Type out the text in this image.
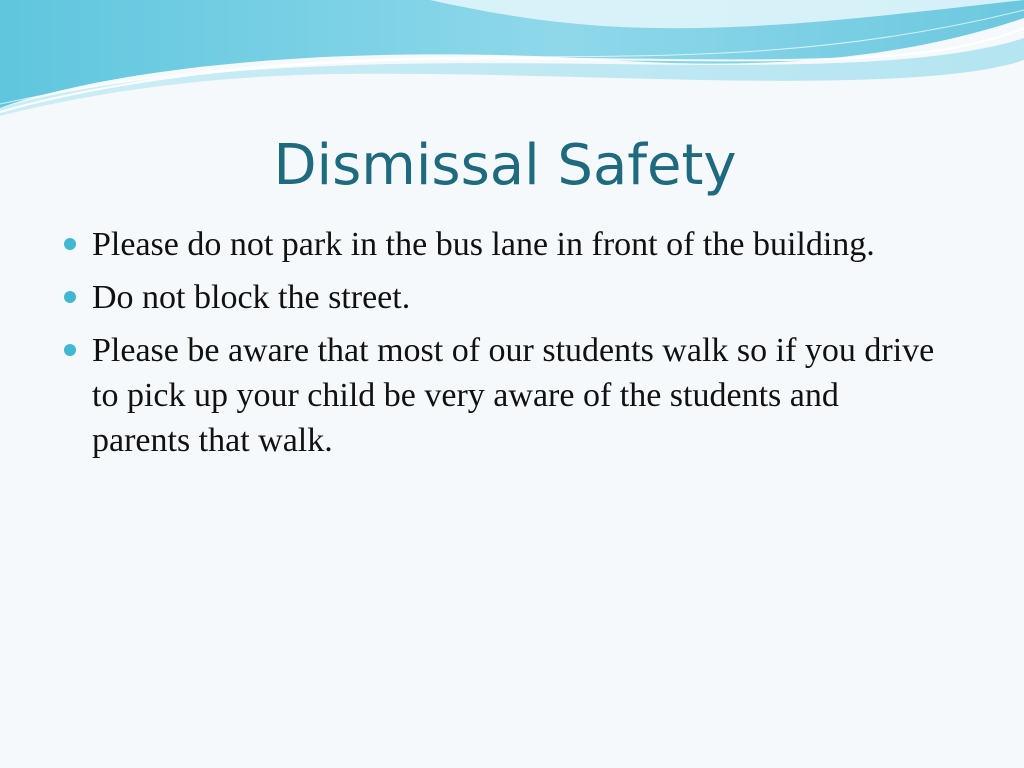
Dismissal Safety
Please do not park in the bus lane in front of the building.
Do not block the street.
Please be aware that most of our students walk so if you drive to pick up your child be very aware of the students and parents that walk.
